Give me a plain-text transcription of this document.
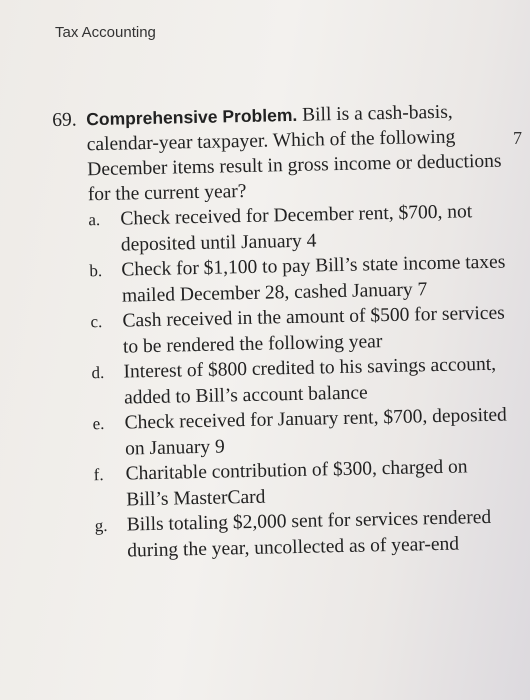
Tax Accounting
7
69. Comprehensive Problem. Bill is a cash-basis, calendar-year taxpayer. Which of the following December items result in gross income or deductions for the current year?
a.	Check received for December rent, $700, not deposited until January 4
b. Check for $1,100 to pay Bill’s state income taxes mailed December 28, cashed January 7
c.	Cash received in the amount of $500 for services to be rendered the following year
d. Interest of $800 credited to his savings account, added to Bill’s account balance
e.	Check received for January rent, $700, deposited on January 9
f.	Charitable contribution of $300, charged on Bill’s MasterCard
g. Bills totaling $2,000 sent for services rendered during the year, uncollected as of year-end
